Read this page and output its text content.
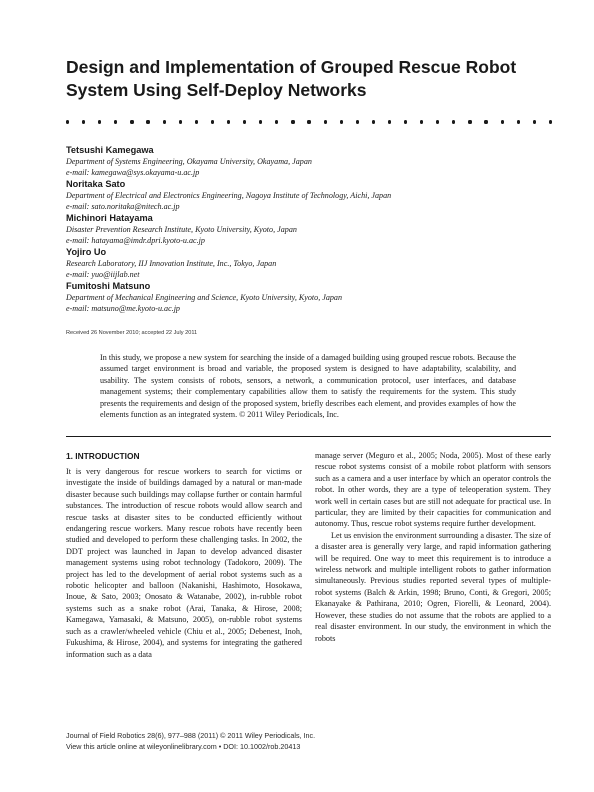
Design and Implementation of Grouped Rescue Robot System Using Self-Deploy Networks
Tetsushi Kamegawa
Department of Systems Engineering, Okayama University, Okayama, Japan
e-mail: kamegawa@sys.okayama-u.ac.jp
Noritaka Sato
Department of Electrical and Electronics Engineering, Nagoya Institute of Technology, Aichi, Japan
e-mail: sato.noritaka@nitech.ac.jp
Michinori Hatayama
Disaster Prevention Research Institute, Kyoto University, Kyoto, Japan
e-mail: hatayama@imdr.dpri.kyoto-u.ac.jp
Yojiro Uo
Research Laboratory, IIJ Innovation Institute, Inc., Tokyo, Japan
e-mail: yuo@iijlab.net
Fumitoshi Matsuno
Department of Mechanical Engineering and Science, Kyoto University, Kyoto, Japan
e-mail: matsuno@me.kyoto-u.ac.jp
Received 26 November 2010; accepted 22 July 2011
In this study, we propose a new system for searching the inside of a damaged building using grouped rescue robots. Because the assumed target environment is broad and variable, the proposed system is designed to have adaptability, scalability, and usability. The system consists of robots, sensors, a network, a communication protocol, user interfaces, and database management systems; their complementary capabilities allow them to satisfy the requirements for the system. This study presents the requirements and design of the proposed system, briefly describes each element, and provides examples of how the elements function as an integrated system. © 2011 Wiley Periodicals, Inc.
1. INTRODUCTION

It is very dangerous for rescue workers to search for victims or investigate the inside of buildings damaged by a natural or man-made disaster because such buildings may collapse further or contain harmful substances. The introduction of rescue robots would allow search and rescue tasks at disaster sites to be conducted efficiently without endangering rescue workers. Many rescue robots have recently been studied and developed to perform these challenging tasks. In 2002, the DDT project was launched in Japan to develop advanced disaster management systems using robot technology (Tadokoro, 2009). The project has led to the development of aerial robot systems such as a robotic helicopter and balloon (Nakanishi, Hashimoto, Hosokawa, Inoue, & Sato, 2003; Onosato & Watanabe, 2002), in-rubble robot systems such as a snake robot (Arai, Tanaka, & Hirose, 2008; Kamegawa, Yamasaki, & Matsuno, 2005), on-rubble robot systems such as a crawler/wheeled vehicle (Chiu et al., 2005; Debenest, Inoh, Fukushima, & Hirose, 2004), and systems for integrating the gathered information such as a data

manage server (Meguro et al., 2005; Noda, 2005). Most of these early rescue robot systems consist of a mobile robot platform with sensors such as a camera and a user interface by which an operator controls the robot. In other words, they are a type of teleoperation system. They work well in certain cases but are still not adequate for practical use. In particular, they are limited by their capacities for communication and autonomy. Thus, rescue robot systems require further development.

Let us envision the environment surrounding a disaster. The size of a disaster area is generally very large, and rapid information gathering will be required. One way to meet this requirement is to introduce a wireless network and multiple intelligent robots to gather information simultaneously. Previous studies reported several types of multiple-robot systems (Balch & Arkin, 1998; Bruno, Conti, & Gregori, 2005; Ekanayake & Pathirana, 2010; Ogren, Fiorelli, & Leonard, 2004). However, these studies do not assume that the robots are applied to a real disaster environment. In our study, the environment in which the robots

Journal of Field Robotics 28(6), 977–988 (2011) © 2011 Wiley Periodicals, Inc.
View this article online at wileyonlinelibrary.com • DOI: 10.1002/rob.20413
